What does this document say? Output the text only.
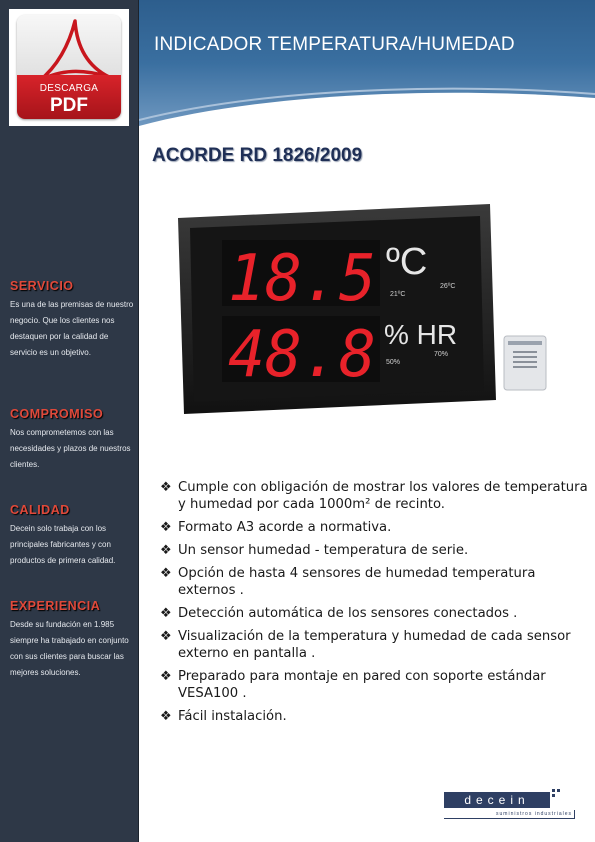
DESCARGA
PDF
SERVICIO

Es una de las premisas de nuestro negocio. Que los clientes nos destaquen por la calidad de servicio es un objetivo.

COMPROMISO

Nos comprometemos con las necesidades y plazos de nuestros clientes.

CALIDAD

Decein solo trabaja con los principales fabricantes y con productos de primera calidad.

EXPERIENCIA

Desde su fundación en 1.985 siempre ha trabajado en conjunto con sus clientes para buscar las mejores soluciones.

INDICADOR TEMPERATURA/HUMEDAD
ACORDE RD 1826/2009
18.5
48.8
ºC
% HR
21ºC
26ºC
50%
70%
❖ Cumple con obligación de mostrar los valores de temperatura y humedad por cada 1000m² de recinto.
❖ Formato A3 acorde a normativa.
❖ Un sensor humedad - temperatura de serie.
❖ Opción de hasta 4 sensores de humedad temperatura externos .
❖ Detección automática de los sensores conectados .
❖ Visualización de la temperatura y humedad de cada sensor externo en pantalla .
❖ Preparado para montaje en pared con soporte estándar VESA100 .
❖ Fácil instalación.
decein
suministros industriales
